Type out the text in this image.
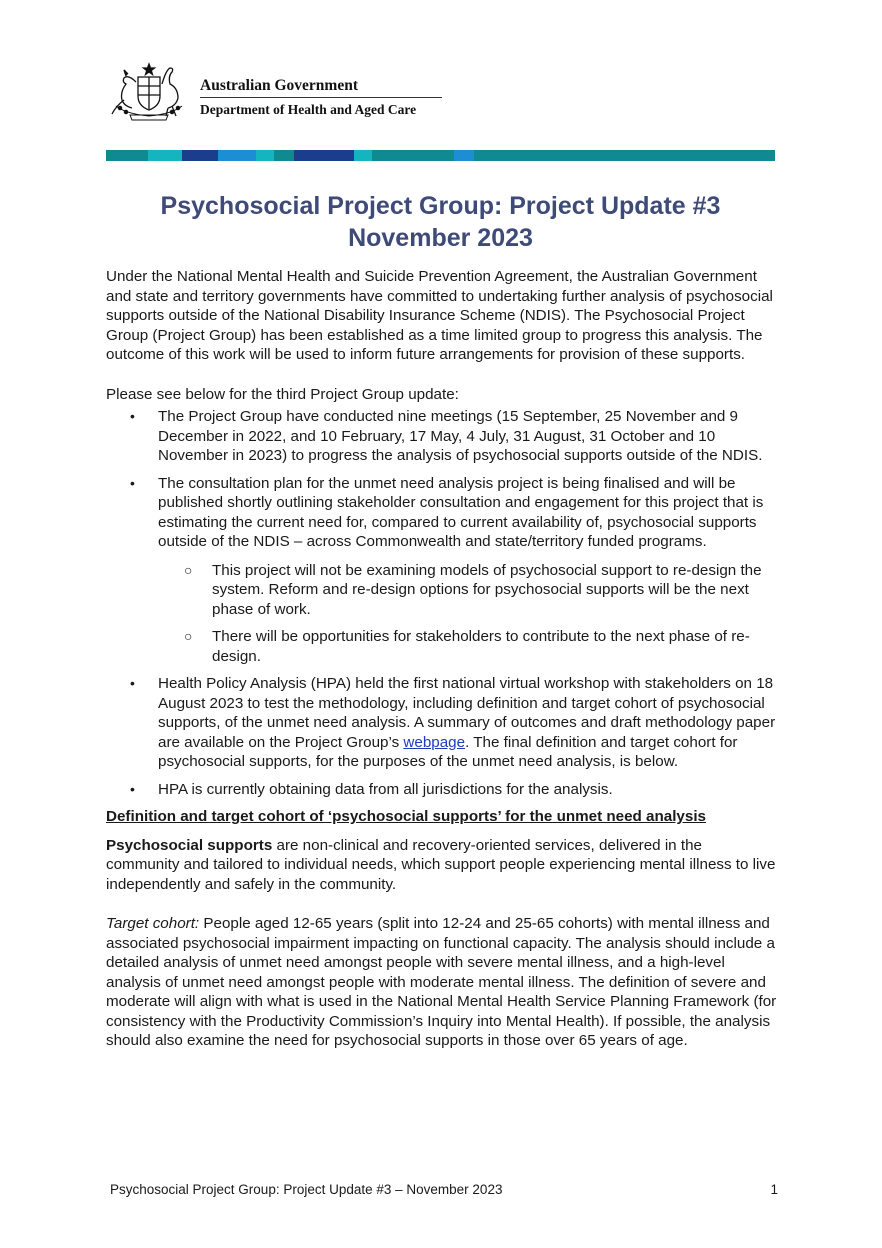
Australian Government
Department of Health and Aged Care
Psychosocial Project Group: Project Update #3
November 2023

Under the National Mental Health and Suicide Prevention Agreement, the Australian Government and state and territory governments have committed to undertaking further analysis of psychosocial supports outside of the National Disability Insurance Scheme (NDIS). The Psychosocial Project Group (Project Group) has been established as a time limited group to progress this analysis. The outcome of this work will be used to inform future arrangements for provision of these supports.

Please see below for the third Project Group update:

• The Project Group have conducted nine meetings (15 September, 25 November and 9 December in 2022, and 10 February, 17 May, 4 July, 31 August, 31 October and 10 November in 2023) to progress the analysis of psychosocial supports outside of the NDIS.
• The consultation plan for the unmet need analysis project is being finalised and will be published shortly outlining stakeholder consultation and engagement for this project that is estimating the current need for, compared to current availability of, psychosocial supports outside of the NDIS – across Commonwealth and state/territory funded programs.
○ This project will not be examining models of psychosocial support to re-design the system. Reform and re-design options for psychosocial supports will be the next phase of work.
○ There will be opportunities for stakeholders to contribute to the next phase of re-design.
• Health Policy Analysis (HPA) held the first national virtual workshop with stakeholders on 18 August 2023 to test the methodology, including definition and target cohort of psychosocial supports, of the unmet need analysis. A summary of outcomes and draft methodology paper are available on the Project Group’s webpage. The final definition and target cohort for psychosocial supports, for the purposes of the unmet need analysis, is below.
• HPA is currently obtaining data from all jurisdictions for the analysis.

Definition and target cohort of ‘psychosocial supports’ for the unmet need analysis

Psychosocial supports are non-clinical and recovery-oriented services, delivered in the community and tailored to individual needs, which support people experiencing mental illness to live independently and safely in the community.

Target cohort: People aged 12-65 years (split into 12-24 and 25-65 cohorts) with mental illness and associated psychosocial impairment impacting on functional capacity. The analysis should include a detailed analysis of unmet need amongst people with severe mental illness, and a high-level analysis of unmet need amongst people with moderate mental illness. The definition of severe and moderate will align with what is used in the National Mental Health Service Planning Framework (for consistency with the Productivity Commission’s Inquiry into Mental Health). If possible, the analysis should also examine the need for psychosocial supports in those over 65 years of age.

Psychosocial Project Group: Project Update #3 – November 2023	1
